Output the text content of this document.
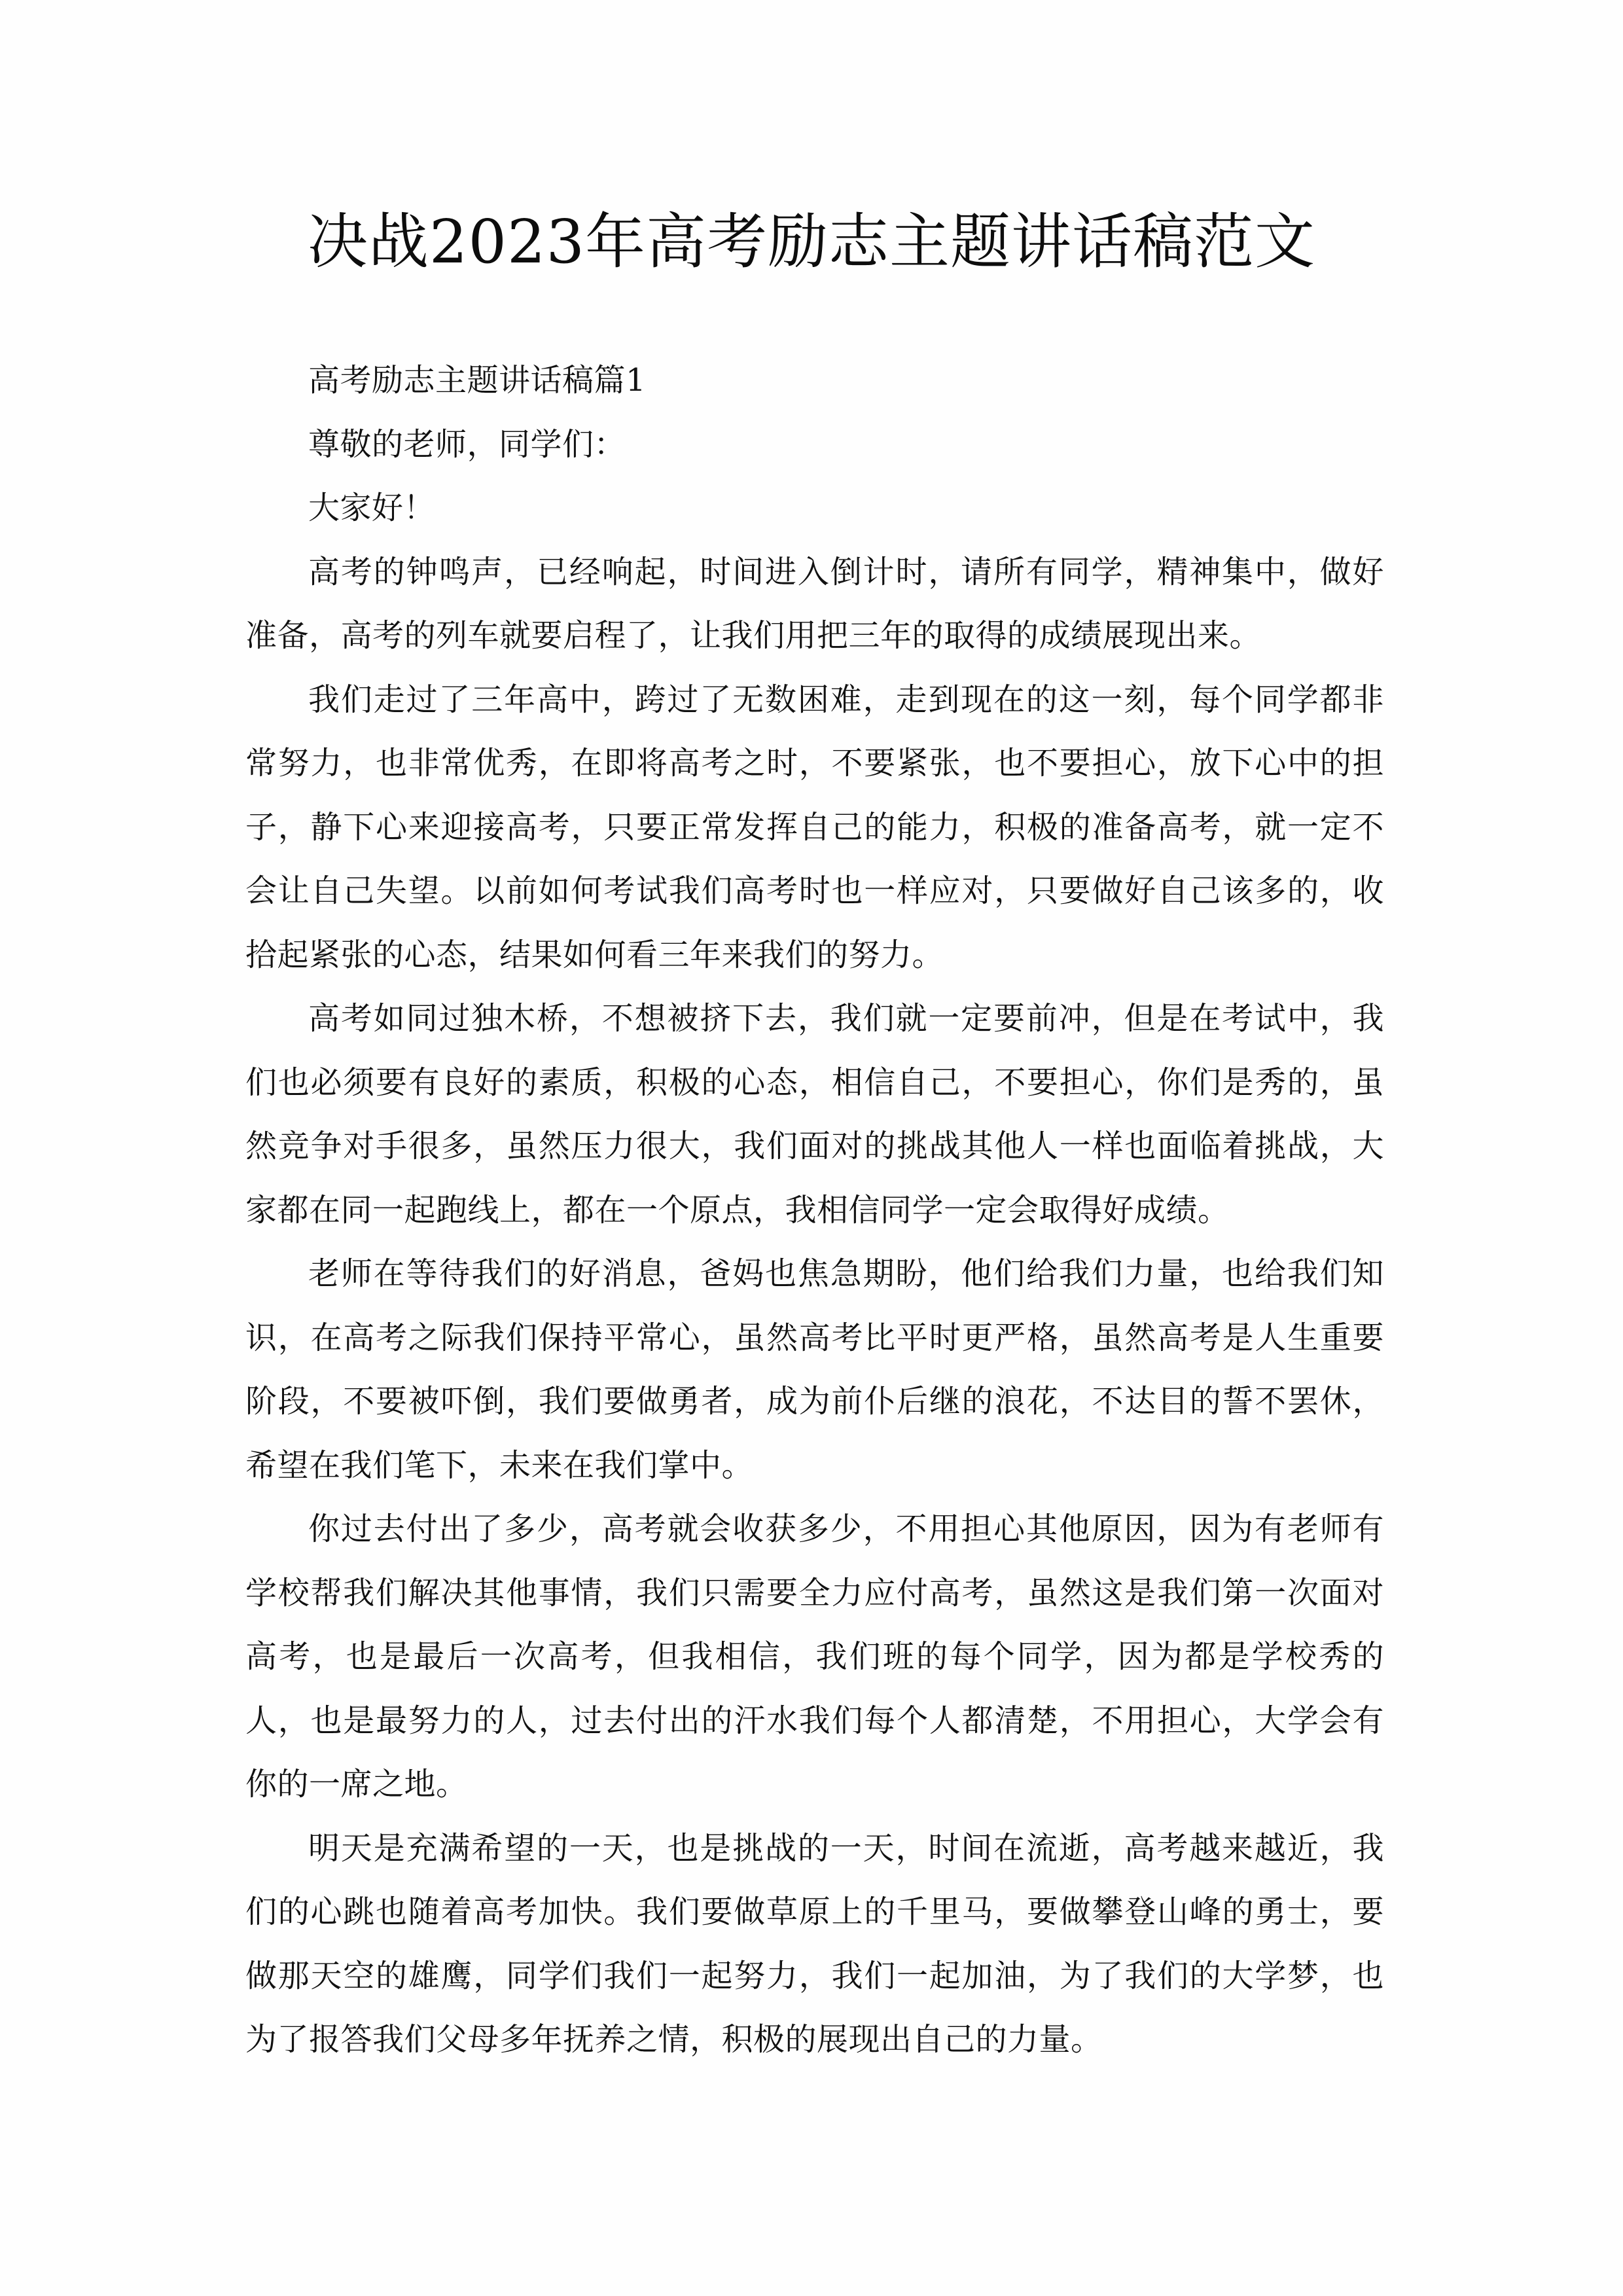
决战2023年高考励志主题讲话稿范文

高考励志主题讲话稿篇1

尊敬的老师，同学们：

大家好！

高考的钟鸣声，已经响起，时间进入倒计时，请所有同学，精神集中，做好准备，高考的列车就要启程了，让我们用把三年的取得的成绩展现出来。

我们走过了三年高中，跨过了无数困难，走到现在的这一刻，每个同学都非常努力，也非常优秀，在即将高考之时，不要紧张，也不要担心，放下心中的担子，静下心来迎接高考，只要正常发挥自己的能力，积极的准备高考，就一定不会让自己失望。以前如何考试我们高考时也一样应对，只要做好自己该多的，收拾起紧张的心态，结果如何看三年来我们的努力。

高考如同过独木桥，不想被挤下去，我们就一定要前冲，但是在考试中，我们也必须要有良好的素质，积极的心态，相信自己，不要担心，你们是秀的，虽然竞争对手很多，虽然压力很大，我们面对的挑战其他人一样也面临着挑战，大家都在同一起跑线上，都在一个原点，我相信同学一定会取得好成绩。

老师在等待我们的好消息，爸妈也焦急期盼，他们给我们力量，也给我们知识，在高考之际我们保持平常心，虽然高考比平时更严格，虽然高考是人生重要阶段，不要被吓倒，我们要做勇者，成为前仆后继的浪花，不达目的誓不罢休，希望在我们笔下，未来在我们掌中。

你过去付出了多少，高考就会收获多少，不用担心其他原因，因为有老师有学校帮我们解决其他事情，我们只需要全力应付高考，虽然这是我们第一次面对高考，也是最后一次高考，但我相信，我们班的每个同学，因为都是学校秀的人，也是最努力的人，过去付出的汗水我们每个人都清楚，不用担心，大学会有你的一席之地。

明天是充满希望的一天，也是挑战的一天，时间在流逝，高考越来越近，我们的心跳也随着高考加快。我们要做草原上的千里马，要做攀登山峰的勇士，要做那天空的雄鹰，同学们我们一起努力，我们一起加油，为了我们的大学梦，也为了报答我们父母多年抚养之情，积极的展现出自己的力量。
